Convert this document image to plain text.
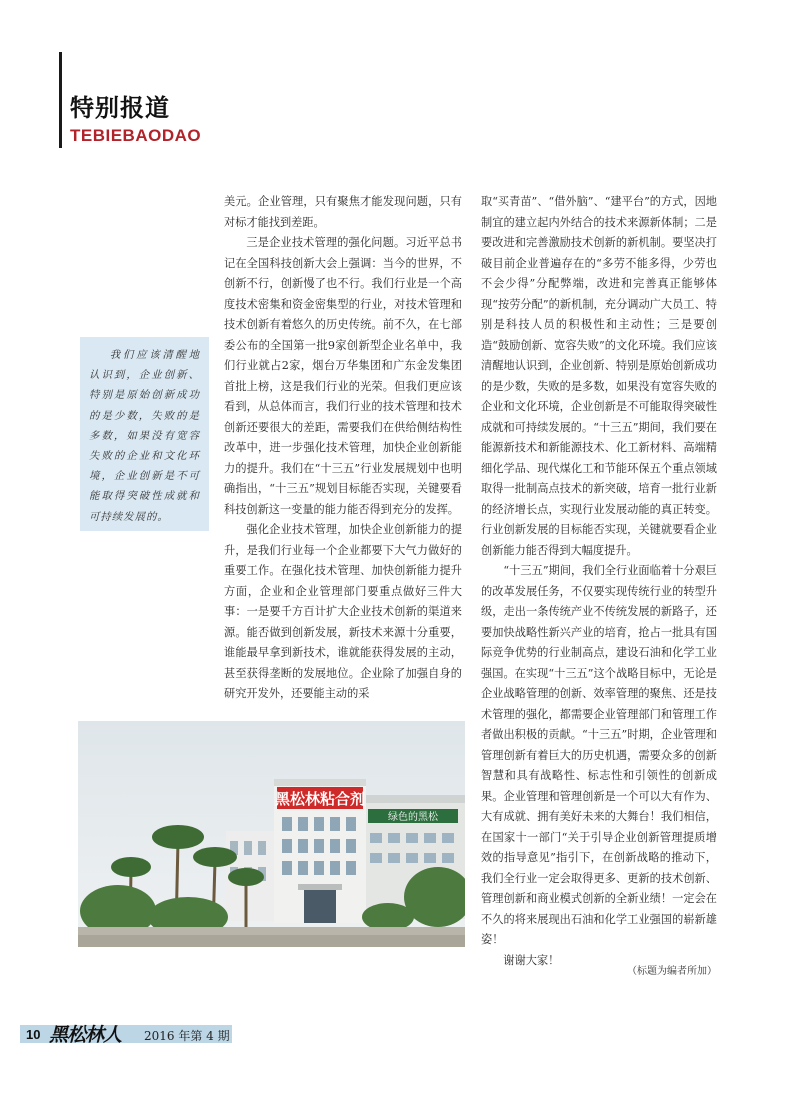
特别报道
TEBIEBAODAO

我们应该清醒地认识到，企业创新、特别是原始创新成功的是少数，失败的是多数，如果没有宽容失败的企业和文化环境，企业创新是不可能取得突破性成就和可持续发展的。

美元。企业管理，只有聚焦才能发现问题，只有对标才能找到差距。

三是企业技术管理的强化问题。习近平总书记在全国科技创新大会上强调：当今的世界，不创新不行，创新慢了也不行。我们行业是一个高度技术密集和资金密集型的行业，对技术管理和技术创新有着悠久的历史传统。前不久，在七部委公布的全国第一批9家创新型企业名单中，我们行业就占2家，烟台万华集团和广东金发集团首批上榜，这是我们行业的光荣。但我们更应该看到，从总体而言，我们行业的技术管理和技术创新还要很大的差距，需要我们在供给侧结构性改革中，进一步强化技术管理，加快企业创新能力的提升。我们在“十三五”行业发展规划中也明确指出，“十三五”规划目标能否实现，关键要看科技创新这一变量的能力能否得到充分的发挥。

强化企业技术管理，加快企业创新能力的提升，是我们行业每一个企业都要下大气力做好的重要工作。在强化技术管理、加快创新能力提升方面，企业和企业管理部门要重点做好三件大事：一是要千方百计扩大企业技术创新的渠道来源。能否做到创新发展，新技术来源十分重要，谁能最早拿到新技术，谁就能获得发展的主动，甚至获得垄断的发展地位。企业除了加强自身的研究开发外，还要能主动的采

绿色的黑松
黑松林粘合剂

取“买青苗”、“借外脑”、“建平台”的方式，因地制宜的建立起内外结合的技术来源新体制；二是要改进和完善激励技术创新的新机制。要坚决打破目前企业普遍存在的“多劳不能多得，少劳也不会少得”分配弊端，改进和完善真正能够体现“按劳分配”的新机制，充分调动广大员工、特别是科技人员的积极性和主动性；三是要创造“鼓励创新、宽容失败”的文化环境。我们应该清醒地认识到，企业创新、特别是原始创新成功的是少数，失败的是多数，如果没有宽容失败的企业和文化环境，企业创新是不可能取得突破性成就和可持续发展的。“十三五”期间，我们要在能源新技术和新能源技术、化工新材料、高端精细化学品、现代煤化工和节能环保五个重点领域取得一批制高点技术的新突破，培育一批行业新的经济增长点，实现行业发展动能的真正转变。行业创新发展的目标能否实现，关键就要看企业创新能力能否得到大幅度提升。

“十三五”期间，我们全行业面临着十分艰巨的改革发展任务，不仅要实现传统行业的转型升级，走出一条传统产业不传统发展的新路子，还要加快战略性新兴产业的培育，抢占一批具有国际竞争优势的行业制高点，建设石油和化学工业强国。在实现“十三五”这个战略目标中，无论是企业战略管理的创新、效率管理的聚焦、还是技术管理的强化，都需要企业管理部门和管理工作者做出积极的贡献。“十三五”时期，企业管理和管理创新有着巨大的历史机遇，需要众多的创新智慧和具有战略性、标志性和引领性的创新成果。企业管理和管理创新是一个可以大有作为、大有成就、拥有美好未来的大舞台！我们相信，在国家十一部门“关于引导企业创新管理提质增效的指导意见”指引下，在创新战略的推动下，我们全行业一定会取得更多、更新的技术创新、管理创新和商业模式创新的全新业绩！一定会在不久的将来展现出石油和化学工业强国的崭新雄姿！

谢谢大家！

（标题为编者所加）
10 黑松林人 2016 年第 4 期
